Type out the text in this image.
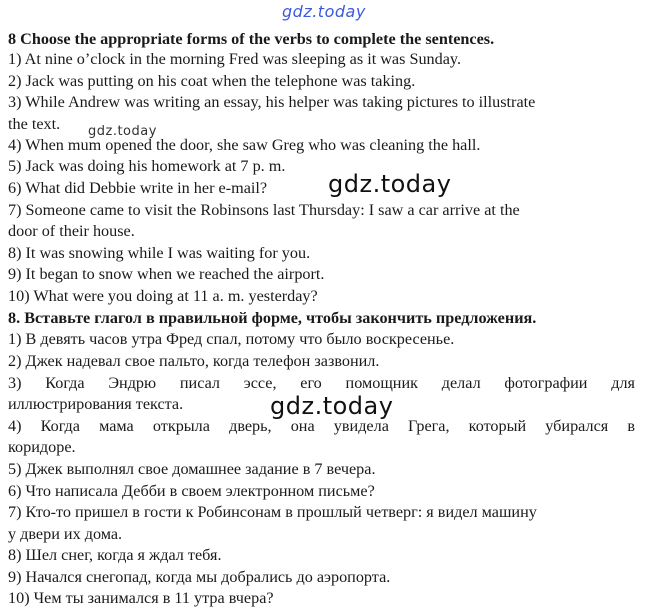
8 Choose the appropriate forms of the verbs to complete the sentences.
1) At nine o’clock in the morning Fred was sleeping as it was Sunday.
2) Jack was putting on his coat when the telephone was taking.
3) While Andrew was writing an essay, his helper was taking pictures to illustrate
the text.
4) When mum opened the door, she saw Greg who was cleaning the hall.
5) Jack was doing his homework at 7 p. m.
6) What did Debbie write in her e-mail?
7) Someone came to visit the Robinsons last Thursday: I saw a car arrive at the
door of their house.
8) It was snowing while I was waiting for you.
9) It began to snow when we reached the airport.
10) What were you doing at 11 a. m. yesterday?
8. Вставьте глагол в правильной форме, чтобы закончить предложения.
1) В девять часов утра Фред спал, потому что было воскресенье.
2) Джек надевал свое пальто, когда телефон зазвонил.
3) Когда Эндрю писал эссе, его помощник делал фотографии для
иллюстрирования текста.
4) Когда мама открыла дверь, она увидела Грега, который убирался в
коридоре.
5) Джек выполнял свое домашнее задание в 7 вечера.
6) Что написала Дебби в своем электронном письме?
7) Кто-то пришел в гости к Робинсонам в прошлый четверг: я видел машину
у двери их дома.
8) Шел снег, когда я ждал тебя.
9) Начался снегопад, когда мы добрались до аэропорта.
10) Чем ты занимался в 11 утра вчера?
gdz.today
gdz.today
gdz.today
gdz.today
